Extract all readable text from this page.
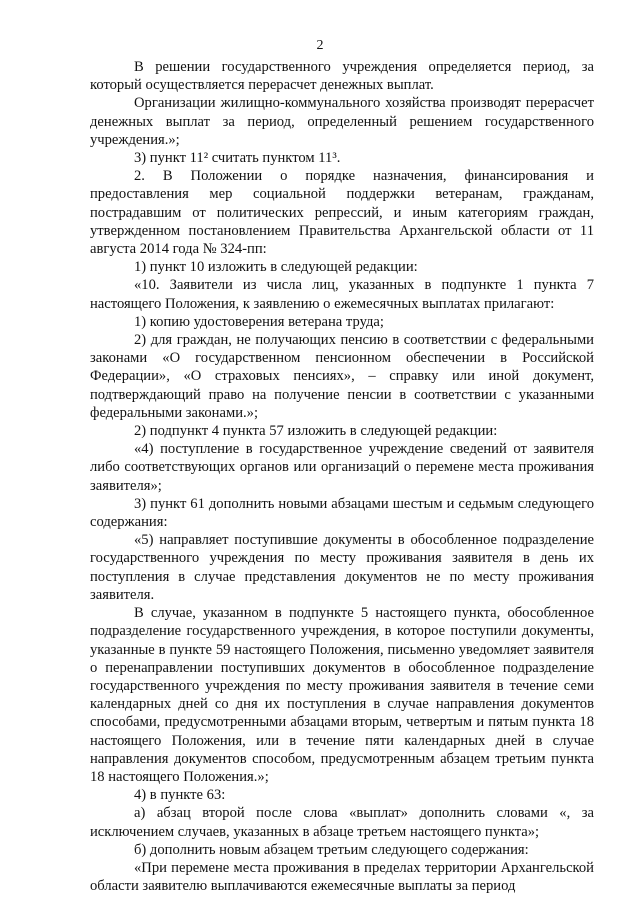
2

В решении государственного учреждения определяется период, за который осуществляется перерасчет денежных выплат.

Организации жилищно-коммунального хозяйства производят перерасчет денежных выплат за период, определенный решением государственного учреждения.»;

3) пункт 11² считать пунктом 11³.

2. В Положении о порядке назначения, финансирования и предоставления мер социальной поддержки ветеранам, гражданам, пострадавшим от политических репрессий, и иным категориям граждан, утвержденном постановлением Правительства Архангельской области от 11 августа 2014 года № 324-пп:

1) пункт 10 изложить в следующей редакции:

«10. Заявители из числа лиц, указанных в подпункте 1 пункта 7 настоящего Положения, к заявлению о ежемесячных выплатах прилагают:

1) копию удостоверения ветерана труда;

2) для граждан, не получающих пенсию в соответствии с федеральными законами «О государственном пенсионном обеспечении в Российской Федерации», «О страховых пенсиях», – справку или иной документ, подтверждающий право на получение пенсии в соответствии с указанными федеральными законами.»;

2) подпункт 4 пункта 57 изложить в следующей редакции:

«4) поступление в государственное учреждение сведений от заявителя либо соответствующих органов или организаций о перемене места проживания заявителя»;

3) пункт 61 дополнить новыми абзацами шестым и седьмым следующего содержания:

«5) направляет поступившие документы в обособленное подразделение государственного учреждения по месту проживания заявителя в день их поступления в случае представления документов не по месту проживания заявителя.

В случае, указанном в подпункте 5 настоящего пункта, обособленное подразделение государственного учреждения, в которое поступили документы, указанные в пункте 59 настоящего Положения, письменно уведомляет заявителя о перенаправлении поступивших документов в обособленное подразделение государственного учреждения по месту проживания заявителя в течение семи календарных дней со дня их поступления в случае направления документов способами, предусмотренными абзацами вторым, четвертым и пятым пункта 18 настоящего Положения, или в течение пяти календарных дней в случае направления документов способом, предусмотренным абзацем третьим пункта 18 настоящего Положения.»;

4) в пункте 63:

а) абзац второй после слова «выплат» дополнить словами «, за исключением случаев, указанных в абзаце третьем настоящего пункта»;

б) дополнить новым абзацем третьим следующего содержания:

«При перемене места проживания в пределах территории Архангельской области заявителю выплачиваются ежемесячные выплаты за период
